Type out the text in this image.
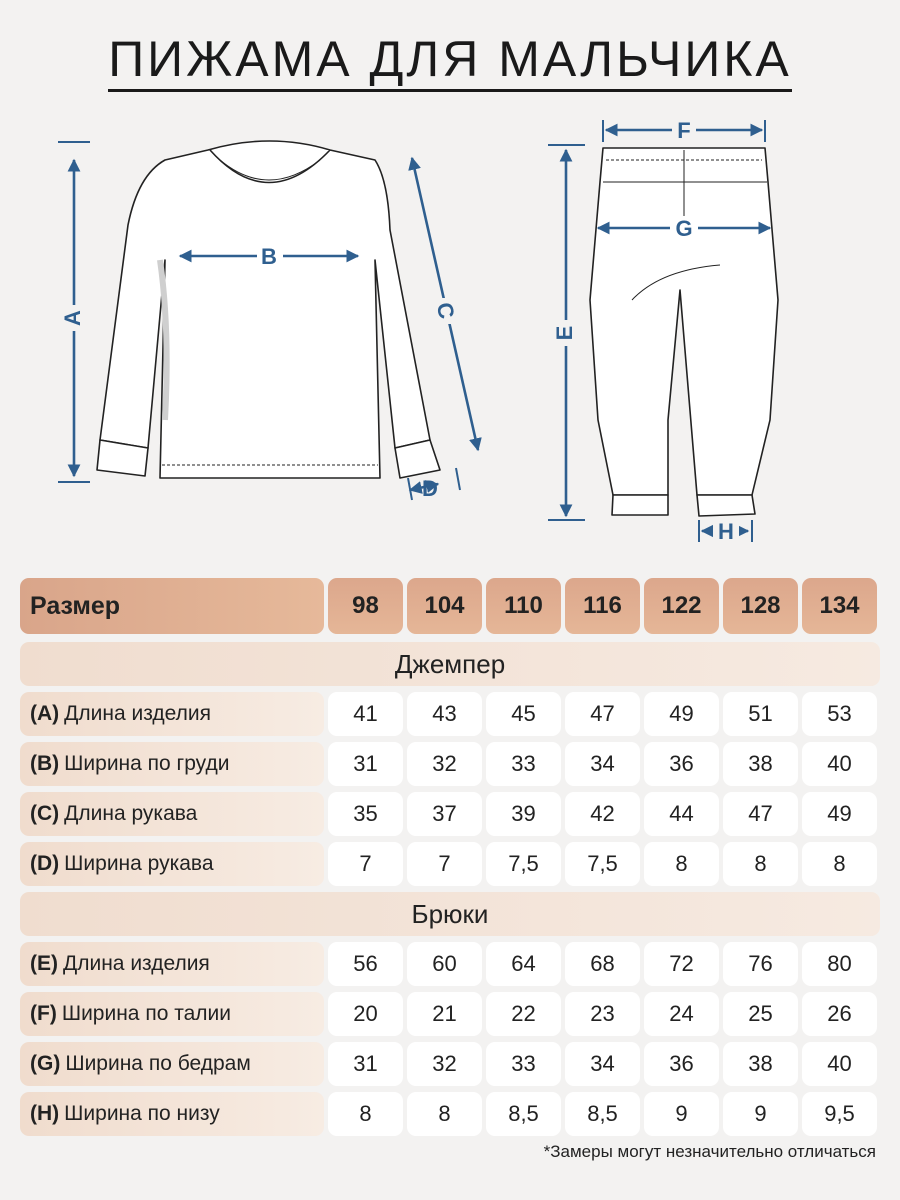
ПИЖАМА ДЛЯ МАЛЬЧИКА
A
B
C
D
E
F
G
H
Размер	98	104	110	116	122	128	134
Джемпер
(A) Длина изделия	41	43	45	47	49	51	53
(B) Ширина по груди	31	32	33	34	36	38	40
(C) Длина рукава	35	37	39	42	44	47	49
(D) Ширина рукава	7	7	7,5	7,5	8	8	8
Брюки
(E) Длина изделия	56	60	64	68	72	76	80
(F) Ширина по талии	20	21	22	23	24	25	26
(G) Ширина по бедрам	31	32	33	34	36	38	40
(H) Ширина по низу	8	8	8,5	8,5	9	9	9,5
*Замеры могут незначительно отличаться
